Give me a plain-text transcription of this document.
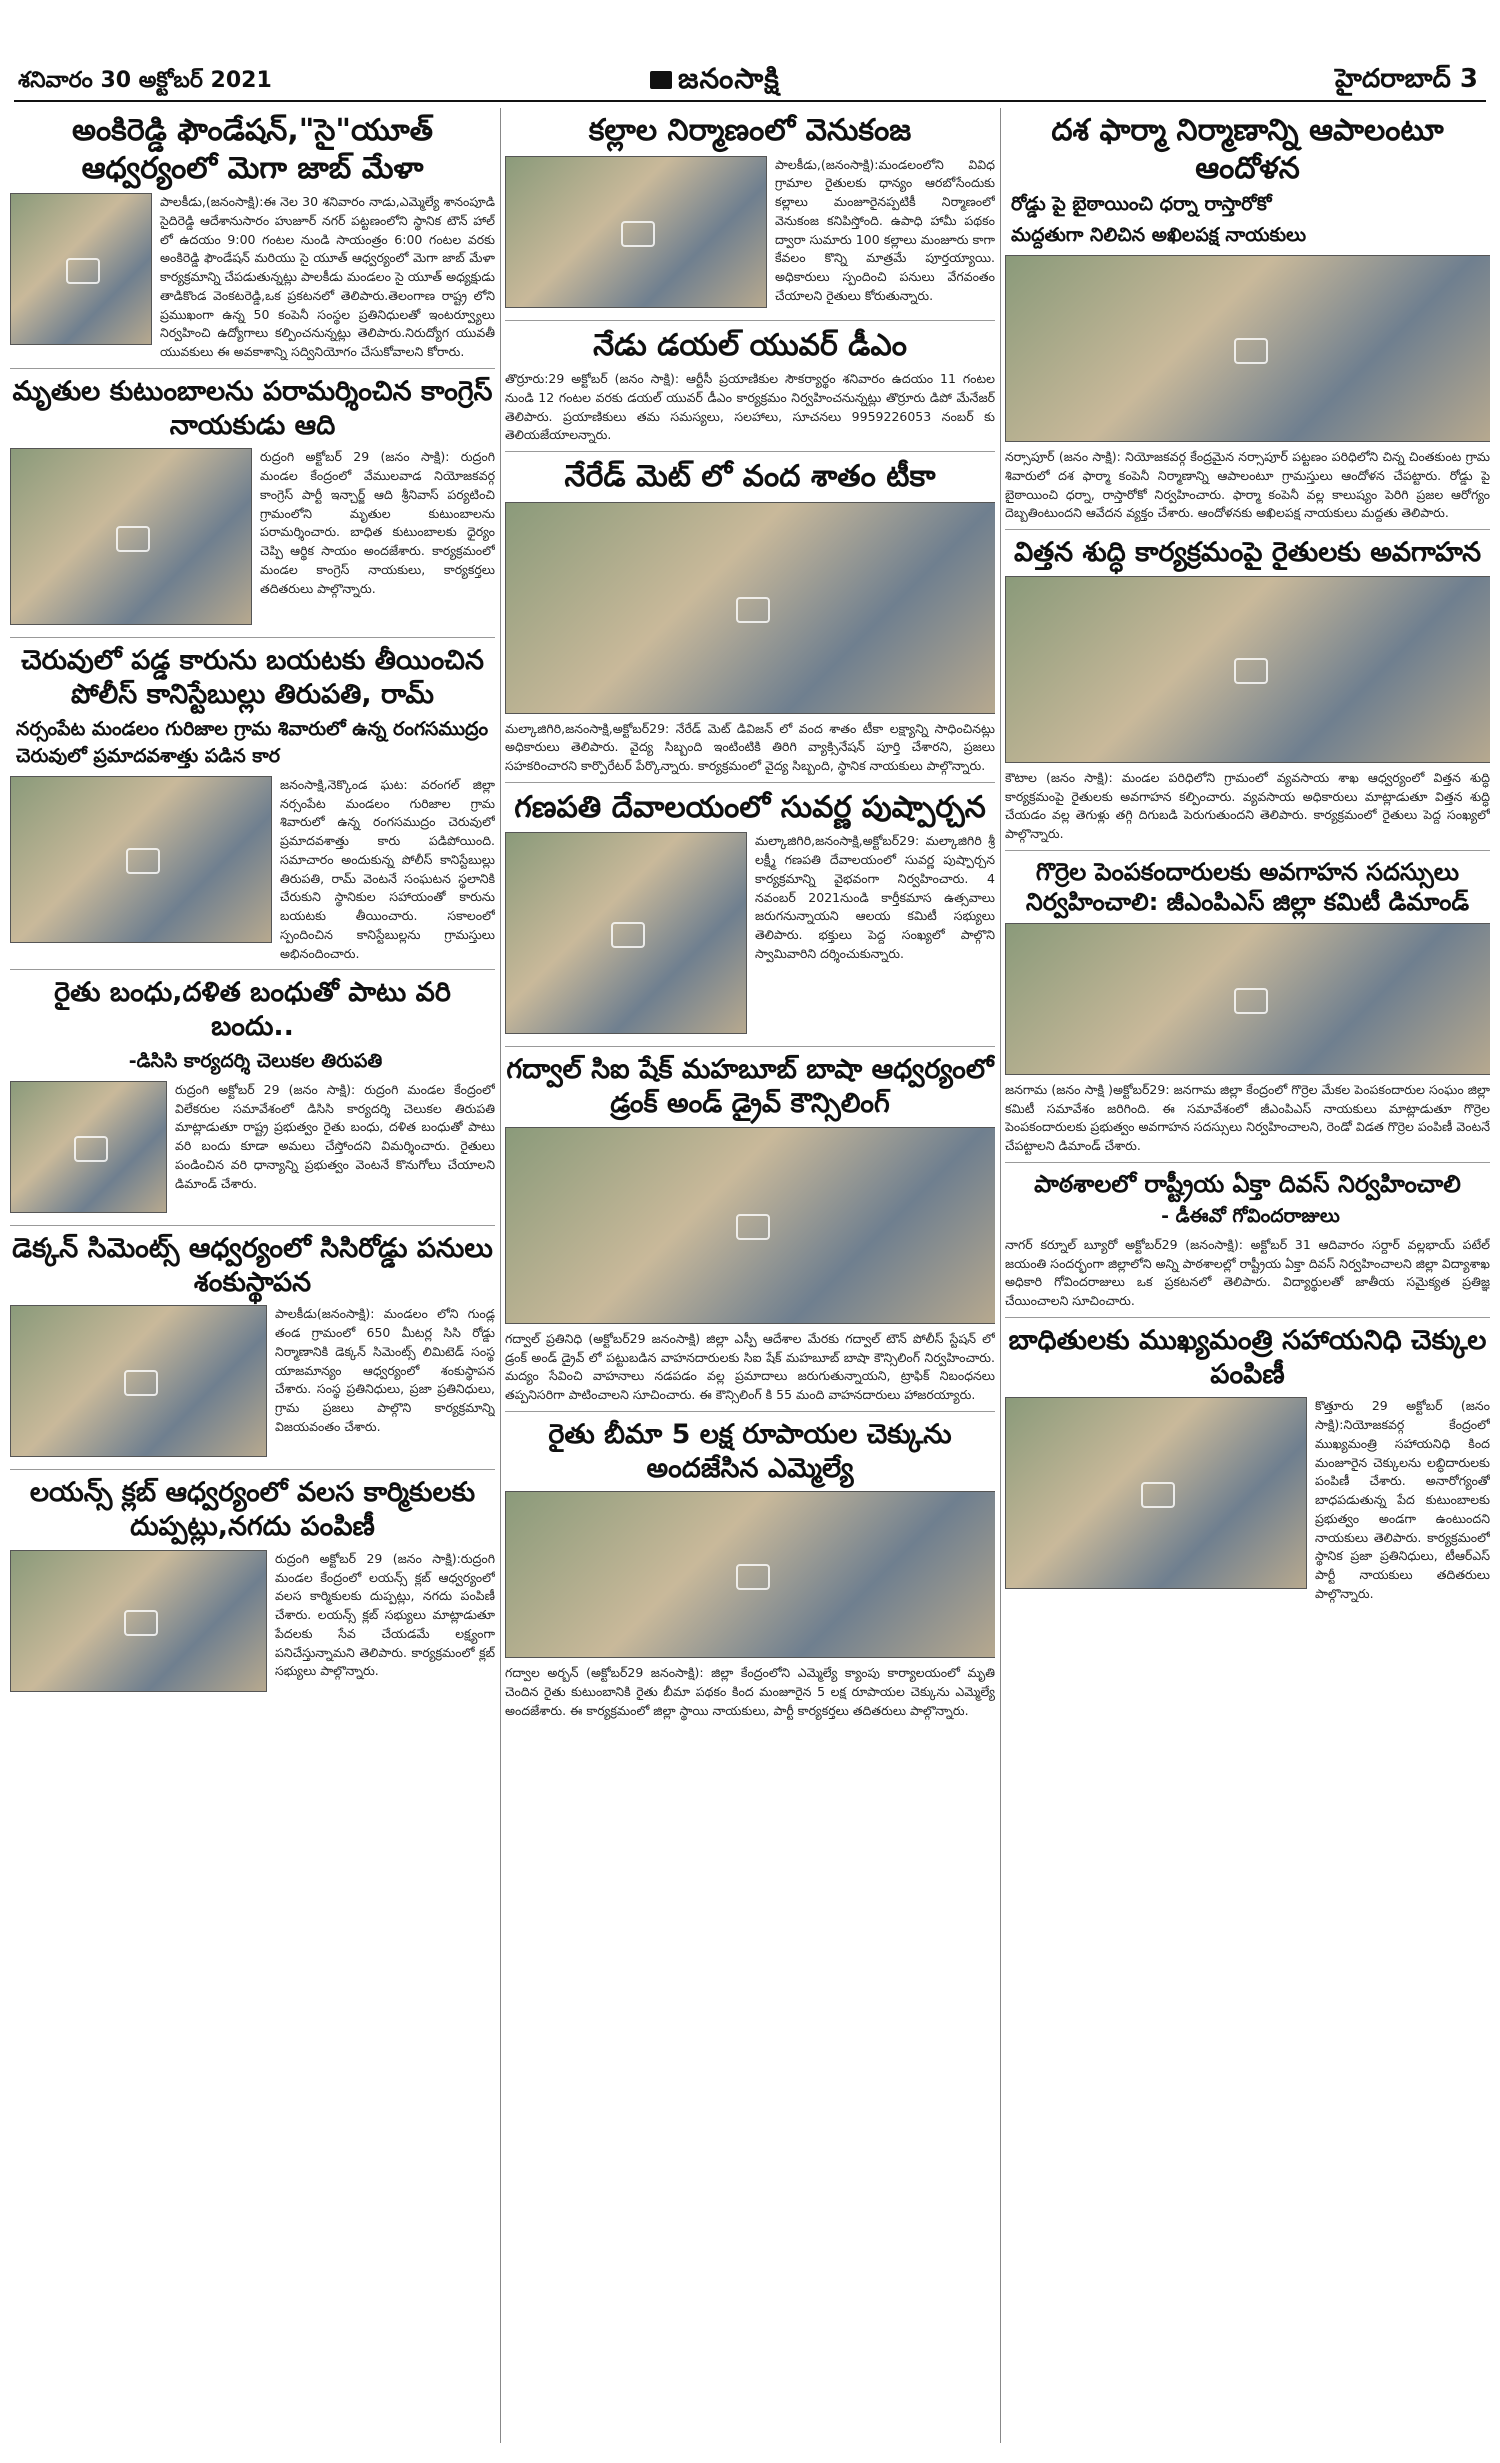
శనివారం 30 అక్టోబర్ 2021	జనంసాక్షి	హైదరాబాద్ 3
అంకిరెడ్డి ఫౌండేషన్,"సై"యూత్ ఆధ్వర్యంలో మెగా జాబ్ మేళా
పాలకీడు,(జనంసాక్షి):ఈ నెల 30 శనివారం నాడు,ఎమ్మెల్యే శానంపూడి సైదిరెడ్డి ఆదేశానుసారం హుజూర్ నగర్ పట్టణంలోని స్థానిక టౌన్ హాల్ లో ఉదయం 9:00 గంటల నుండి సాయంత్రం 6:00 గంటల వరకు అంకిరెడ్డి ఫౌండేషన్ మరియు సై యూత్ ఆధ్వర్యంలో మెగా జాబ్ మేళా కార్యక్రమాన్ని చేపడుతున్నట్లు పాలకీడు మండలం సై యూత్ అధ్యక్షుడు తాడికొండ వెంకటరెడ్డి,ఒక ప్రకటనలో తెలిపారు.తెలంగాణ రాష్ట్ర లోని ప్రముఖంగా ఉన్న 50 కంపెనీ సంస్థల ప్రతినిధులతో ఇంటర్వ్యూలు నిర్వహించి ఉద్యోగాలు కల్పించనున్నట్లు తెలిపారు.నిరుద్యోగ యువతీ యువకులు ఈ అవకాశాన్ని సద్వినియోగం చేసుకోవాలని కోరారు.
మృతుల కుటుంబాలను పరామర్శించిన కాంగ్రెస్ నాయకుడు ఆది
రుద్రంగి అక్టోబర్ 29 (జనం సాక్షి): రుద్రంగి మండల కేంద్రంలో వేములవాడ నియోజకవర్గ కాంగ్రెస్ పార్టీ ఇన్చార్జ్ ఆది శ్రీనివాస్ పర్యటించి గ్రామంలోని మృతుల కుటుంబాలను పరామర్శించారు. బాధిత కుటుంబాలకు ధైర్యం చెప్పి ఆర్థిక సాయం అందజేశారు. కార్యక్రమంలో మండల కాంగ్రెస్ నాయకులు, కార్యకర్తలు తదితరులు పాల్గొన్నారు.
చెరువులో పడ్డ కారును బయటకు తీయించిన పోలీస్ కానిస్టేబుల్లు తిరుపతి, రామ్
నర్సంపేట మండలం గురిజాల గ్రామ శివారులో ఉన్న రంగసముద్రం చెరువులో ప్రమాదవశాత్తు పడిన కార
జనంసాక్షి,నెక్కొండ ఘట: వరంగల్ జిల్లా నర్సంపేట మండలం గురిజాల గ్రామ శివారులో ఉన్న రంగసముద్రం చెరువులో ప్రమాదవశాత్తు కారు పడిపోయింది. సమాచారం అందుకున్న పోలీస్ కానిస్టేబుల్లు తిరుపతి, రామ్ వెంటనే సంఘటన స్థలానికి చేరుకుని స్థానికుల సహాయంతో కారును బయటకు తీయించారు. సకాలంలో స్పందించిన కానిస్టేబుల్లను గ్రామస్తులు అభినందించారు.
రైతు బంధు,దళిత బంధుతో పాటు వరి బందు..
-డిసిసి కార్యదర్శి చెలుకల తిరుపతి
రుద్రంగి అక్టోబర్ 29 (జనం సాక్షి): రుద్రంగి మండల కేంద్రంలో విలేకరుల సమావేశంలో డిసిసి కార్యదర్శి చెలుకల తిరుపతి మాట్లాడుతూ రాష్ట్ర ప్రభుత్వం రైతు బంధు, దళిత బంధుతో పాటు వరి బందు కూడా అమలు చేస్తోందని విమర్శించారు. రైతులు పండించిన వరి ధాన్యాన్ని ప్రభుత్వం వెంటనే కొనుగోలు చేయాలని డిమాండ్ చేశారు.
డెక్కన్ సిమెంట్స్ ఆధ్వర్యంలో సిసిరోడ్డు పనులు శంకుస్థాపన
పాలకీడు(జనంసాక్షి): మండలం లోని గుండ్ల తండ గ్రామంలో 650 మీటర్ల సిసి రోడ్డు నిర్మాణానికి డెక్కన్ సిమెంట్స్ లిమిటెడ్ సంస్థ యాజమాన్యం ఆధ్వర్యంలో శంకుస్థాపన చేశారు. సంస్థ ప్రతినిధులు, ప్రజా ప్రతినిధులు, గ్రామ ప్రజలు పాల్గొని కార్యక్రమాన్ని విజయవంతం చేశారు.
లయన్స్ క్లబ్ ఆధ్వర్యంలో వలస కార్మికులకు దుప్పట్లు,నగదు పంపిణీ
రుద్రంగి అక్టోబర్ 29 (జనం సాక్షి):రుద్రంగి మండల కేంద్రంలో లయన్స్ క్లబ్ ఆధ్వర్యంలో వలస కార్మికులకు దుప్పట్లు, నగదు పంపిణీ చేశారు. లయన్స్ క్లబ్ సభ్యులు మాట్లాడుతూ పేదలకు సేవ చేయడమే లక్ష్యంగా పనిచేస్తున్నామని తెలిపారు. కార్యక్రమంలో క్లబ్ సభ్యులు పాల్గొన్నారు.
కల్లాల నిర్మాణంలో వెనుకంజ
పాలకీడు,(జనంసాక్షి):మండలంలోని వివిధ గ్రామాల రైతులకు ధాన్యం ఆరబోసేందుకు కల్లాలు మంజూరైనప్పటికీ నిర్మాణంలో వెనుకంజ కనిపిస్తోంది. ఉపాధి హామీ పథకం ద్వారా సుమారు 100 కల్లాలు మంజూరు కాగా కేవలం కొన్ని మాత్రమే పూర్తయ్యాయి. అధికారులు స్పందించి పనులు వేగవంతం చేయాలని రైతులు కోరుతున్నారు.
నేడు డయల్ యువర్ డీఎం
తొర్రూరు:29 అక్టోబర్ (జనం సాక్షి): ఆర్టీసీ ప్రయాణికుల సౌకర్యార్థం శనివారం ఉదయం 11 గంటల నుండి 12 గంటల వరకు డయల్ యువర్ డీఎం కార్యక్రమం నిర్వహించనున్నట్లు తొర్రూరు డిపో మేనేజర్ తెలిపారు. ప్రయాణికులు తమ సమస్యలు, సలహాలు, సూచనలు 9959226053 నంబర్ కు తెలియజేయాలన్నారు.
నేరేడ్ మెట్ లో వంద శాతం టీకా
మల్కాజిగిరి,జనంసాక్షి,అక్టోబర్29: నేరేడ్ మెట్ డివిజన్ లో వంద శాతం టీకా లక్ష్యాన్ని సాధించినట్లు అధికారులు తెలిపారు. వైద్య సిబ్బంది ఇంటింటికి తిరిగి వ్యాక్సినేషన్ పూర్తి చేశారని, ప్రజలు సహకరించారని కార్పొరేటర్ పేర్కొన్నారు. కార్యక్రమంలో వైద్య సిబ్బంది, స్థానిక నాయకులు పాల్గొన్నారు.
గణపతి దేవాలయంలో సువర్ణ పుష్పార్చన
మల్కాజిగిరి,జనంసాక్షి,అక్టోబర్29: మల్కాజిగిరి శ్రీ లక్ష్మీ గణపతి దేవాలయంలో సువర్ణ పుష్పార్చన కార్యక్రమాన్ని వైభవంగా నిర్వహించారు. 4 నవంబర్ 2021నుండి కార్తీకమాస ఉత్సవాలు జరుగనున్నాయని ఆలయ కమిటీ సభ్యులు తెలిపారు. భక్తులు పెద్ద సంఖ్యలో పాల్గొని స్వామివారిని దర్శించుకున్నారు.
గద్వాల్ సిఐ షేక్ మహబూబ్ బాషా ఆధ్వర్యంలో డ్రంక్ అండ్ డ్రైవ్ కౌన్సిలింగ్
గద్వాల్ ప్రతినిధి (అక్టోబర్29 జనంసాక్షి) జిల్లా ఎస్పీ ఆదేశాల మేరకు గద్వాల్ టౌన్ పోలీస్ స్టేషన్ లో డ్రంక్ అండ్ డ్రైవ్ లో పట్టుబడిన వాహనదారులకు సిఐ షేక్ మహబూబ్ బాషా కౌన్సిలింగ్ నిర్వహించారు. మద్యం సేవించి వాహనాలు నడపడం వల్ల ప్రమాదాలు జరుగుతున్నాయని, ట్రాఫిక్ నిబంధనలు తప్పనిసరిగా పాటించాలని సూచించారు. ఈ కౌన్సిలింగ్ కి 55 మంది వాహనదారులు హాజరయ్యారు.
రైతు బీమా 5 లక్ష రూపాయల చెక్కును అందజేసిన ఎమ్మెల్యే
గద్వాల అర్బన్ (అక్టోబర్29 జనంసాక్షి): జిల్లా కేంద్రంలోని ఎమ్మెల్యే క్యాంపు కార్యాలయంలో మృతి చెందిన రైతు కుటుంబానికి రైతు బీమా పథకం కింద మంజూరైన 5 లక్ష రూపాయల చెక్కును ఎమ్మెల్యే అందజేశారు. ఈ కార్యక్రమంలో జిల్లా స్థాయి నాయకులు, పార్టీ కార్యకర్తలు తదితరులు పాల్గొన్నారు.
దశ ఫార్మా నిర్మాణాన్ని ఆపాలంటూ ఆందోళన
రోడ్డు పై బైఠాయించి ధర్నా రాస్తారోకో
మద్దతుగా నిలిచిన అఖిలపక్ష నాయకులు
నర్సాపూర్ (జనం సాక్షి): నియోజకవర్గ కేంద్రమైన నర్సాపూర్ పట్టణం పరిధిలోని చిన్న చింతకుంట గ్రామ శివారులో దశ ఫార్మా కంపెనీ నిర్మాణాన్ని ఆపాలంటూ గ్రామస్తులు ఆందోళన చేపట్టారు. రోడ్డు పై బైఠాయించి ధర్నా, రాస్తారోకో నిర్వహించారు. ఫార్మా కంపెనీ వల్ల కాలుష్యం పెరిగి ప్రజల ఆరోగ్యం దెబ్బతింటుందని ఆవేదన వ్యక్తం చేశారు. ఆందోళనకు అఖిలపక్ష నాయకులు మద్దతు తెలిపారు.
విత్తన శుద్ధి కార్యక్రమంపై రైతులకు అవగాహన
కౌటాల (జనం సాక్షి): మండల పరిధిలోని గ్రామంలో వ్యవసాయ శాఖ ఆధ్వర్యంలో విత్తన శుద్ధి కార్యక్రమంపై రైతులకు అవగాహన కల్పించారు. వ్యవసాయ అధికారులు మాట్లాడుతూ విత్తన శుద్ధి చేయడం వల్ల తెగుళ్లు తగ్గి దిగుబడి పెరుగుతుందని తెలిపారు. కార్యక్రమంలో రైతులు పెద్ద సంఖ్యలో పాల్గొన్నారు.
గొర్రెల పెంపకందారులకు అవగాహన సదస్సులు నిర్వహించాలి: జీఎంపిఎస్ జిల్లా కమిటీ డిమాండ్
జనగామ (జనం సాక్షి )అక్టోబర్29: జనగామ జిల్లా కేంద్రంలో గొర్రెల మేకల పెంపకందారుల సంఘం జిల్లా కమిటీ సమావేశం జరిగింది. ఈ సమావేశంలో జీఎంపిఎస్ నాయకులు మాట్లాడుతూ గొర్రెల పెంపకందారులకు ప్రభుత్వం అవగాహన సదస్సులు నిర్వహించాలని, రెండో విడత గొర్రెల పంపిణీ వెంటనే చేపట్టాలని డిమాండ్ చేశారు.
పాఠశాలలో రాష్ట్రీయ ఏక్తా దివస్ నిర్వహించాలి
- డీఈవో గోవిందరాజులు
నాగర్ కర్నూల్ బ్యూరో అక్టోబర్29 (జనంసాక్షి): అక్టోబర్ 31 ఆదివారం సర్దార్ వల్లభాయ్ పటేల్ జయంతి సందర్భంగా జిల్లాలోని అన్ని పాఠశాలల్లో రాష్ట్రీయ ఏక్తా దివస్ నిర్వహించాలని జిల్లా విద్యాశాఖ అధికారి గోవిందరాజులు ఒక ప్రకటనలో తెలిపారు. విద్యార్థులతో జాతీయ సమైక్యత ప్రతిజ్ఞ చేయించాలని సూచించారు.
బాధితులకు ముఖ్యమంత్రి సహాయనిధి చెక్కుల పంపిణీ
కొత్తూరు 29 అక్టోబర్ (జనం సాక్షి):నియోజకవర్గ కేంద్రంలో ముఖ్యమంత్రి సహాయనిధి కింద మంజూరైన చెక్కులను లబ్ధిదారులకు పంపిణీ చేశారు. అనారోగ్యంతో బాధపడుతున్న పేద కుటుంబాలకు ప్రభుత్వం అండగా ఉంటుందని నాయకులు తెలిపారు. కార్యక్రమంలో స్థానిక ప్రజా ప్రతినిధులు, టీఆర్ఎస్ పార్టీ నాయకులు తదితరులు పాల్గొన్నారు.
